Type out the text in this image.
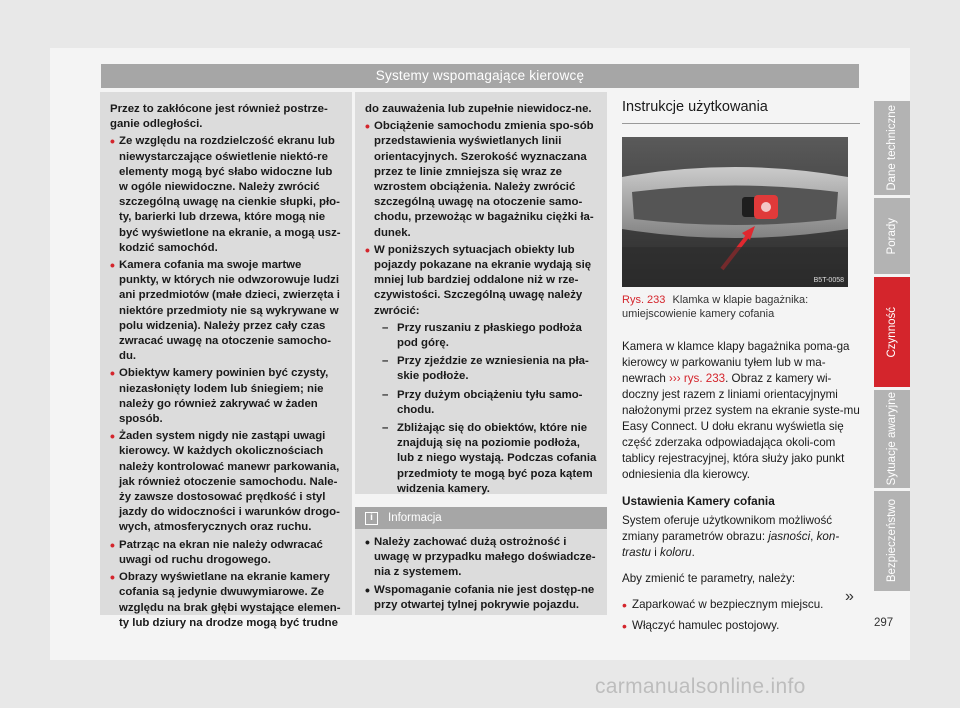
Systemy wspomagające kierowcę

Przez to zakłócone jest również postrze-ganie odległości.

• Ze względu na rozdzielczość ekranu lub niewystarczające oświetlenie niektó-re elementy mogą być słabo widoczne lub w ogóle niewidoczne. Należy zwrócić szczególną uwagę na cienkie słupki, pło-ty, barierki lub drzewa, które mogą nie być wyświetlone na ekranie, a mogą usz-kodzić samochód.
• Kamera cofania ma swoje martwe punkty, w których nie odwzorowuje ludzi ani przedmiotów (małe dzieci, zwierzęta i niektóre przedmioty nie są wykrywane w polu widzenia). Należy przez cały czas zwracać uwagę na otoczenie samocho-du.
• Obiektyw kamery powinien być czysty, niezasłonięty lodem lub śniegiem; nie należy go również zakrywać w żaden sposób.
• Żaden system nigdy nie zastąpi uwagi kierowcy. W każdych okolicznościach należy kontrolować manewr parkowania, jak również otoczenie samochodu. Nale-ży zawsze dostosować prędkość i styl jazdy do widoczności i warunków drogo-wych, atmosferycznych oraz ruchu.
• Patrząc na ekran nie należy odwracać uwagi od ruchu drogowego.
• Obrazy wyświetlane na ekranie kamery cofania są jedynie dwuwymiarowe. Ze względu na brak głębi wystające elemen-ty lub dziury na drodze mogą być trudne

do zauważenia lub zupełnie niewidocz-ne.

• Obciążenie samochodu zmienia spo-sób przedstawienia wyświetlanych linii orientacyjnych. Szerokość wyznaczana przez te linie zmniejsza się wraz ze wzrostem obciążenia. Należy zwrócić szczególną uwagę na otoczenie samo-chodu, przewożąc w bagażniku ciężki ła-dunek.
• W poniższych sytuacjach obiekty lub pojazdy pokazane na ekranie wydają się mniej lub bardziej oddalone niż w rze-czywistości. Szczególną uwagę należy zwrócić:
– Przy ruszaniu z płaskiego podłoża pod górę.
– Przy zjeździe ze wzniesienia na pła-skie podłoże.
– Przy dużym obciążeniu tyłu samo-chodu.
– Zbliżając się do obiektów, które nie znajdują się na poziomie podłoża, lub z niego wystają. Podczas cofania przedmioty te mogą być poza kątem widzenia kamery.
i	Informacja
• Należy zachować dużą ostrożność i uwagę w przypadku małego doświadcze-nia z systemem.
• Wspomaganie cofania nie jest dostęp-ne przy otwartej tylnej pokrywie pojazdu.
Instrukcje użytkowania
B5T-0058
Rys. 233 Klamka w klapie bagażnika: umiejscowienie kamery cofania

Kamera w klamce klapy bagażnika poma-ga kierowcy w parkowaniu tyłem lub w ma-newrach ››› rys. 233. Obraz z kamery wi-doczny jest razem z liniami orientacyjnymi nałożonymi przez system na ekranie syste-mu Easy Connect. U dołu ekranu wyświetla się część zderzaka odpowiadająca okoli-com tablicy rejestracyjnej, która służy jako punkt odniesienia dla kierowcy.

Ustawienia Kamery cofania

System oferuje użytkownikom możliwość zmiany parametrów obrazu: jasności, kon-trastu i koloru.

Aby zmienić te parametry, należy:

• Zaparkować w bezpiecznym miejscu.
• Włączyć hamulec postojowy.
»
297
Dane techniczne
Porady
Czynność
Sytuacje awaryjne
Bezpieczeństwo
carmanualsonline.info
